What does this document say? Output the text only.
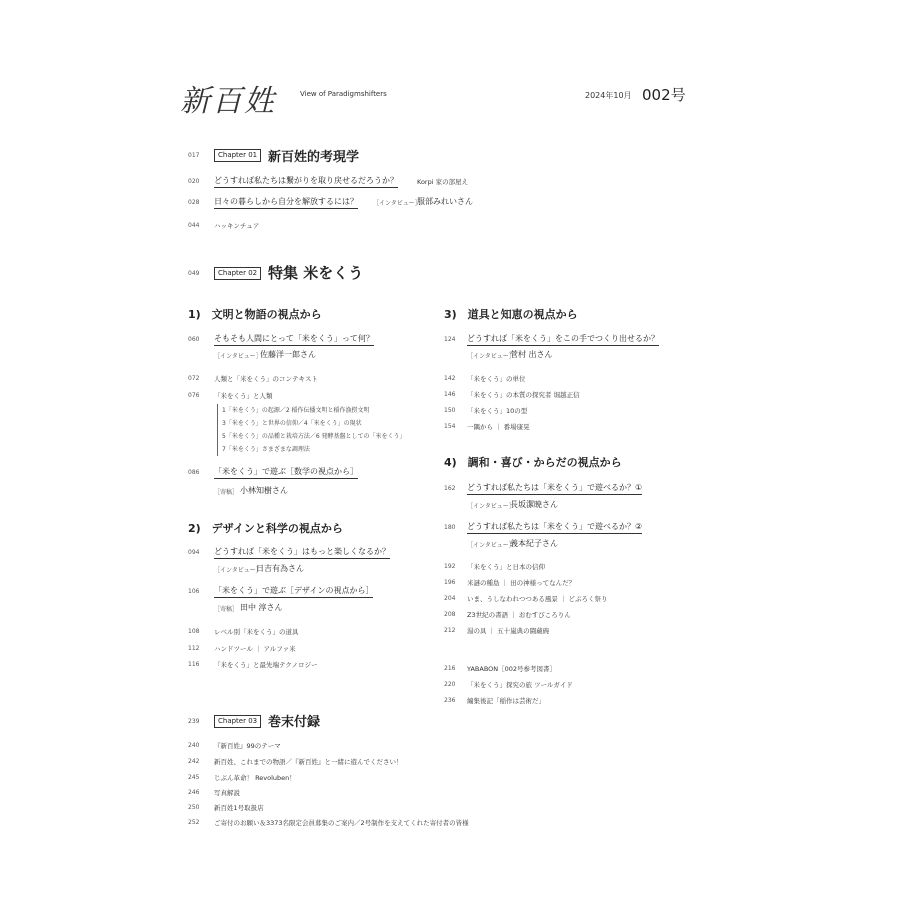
新百姓	View of Paradigmshifters	2024年10月 002号
017	Chapter 01 新百姓的考現学
020 どうすれば私たちは繋がりを取り戻せるだろうか？	Korpi 家の部屋え
028 日々の暮らしから自分を解放するには？	［インタビュー］
服部みれいさん
044 ハッキンチュア
049	Chapter 02 特集 米をくう
1)　文明と物語の視点から
060 そもそも人間にとって「米をくう」って何？
［インタビュー］
佐藤洋一郎さん
072 人類と「米をくう」のコンテキスト
076 「米をくう」と人類
1「米をくう」の起源／2 稲作伝播文明と稲作漁撈文明
3「米をくう」と世界の信仰／4「米をくう」の現状
5「米をくう」の品種と栽培方法／6 発酵基盤としての「米をくう」
7「米をくう」さまざまな調理法
086 「米をくう」で遊ぶ［数学の視点から］
［寄稿］ 小林知樹さん
2)　デザインと科学の視点から
094 どうすれば「米をくう」はもっと楽しくなるか？
［インタビュー］
日吉有為さん
106 「米をくう」で遊ぶ［デザインの視点から］
［寄稿］ 田中 淳さん
108 レベル別「米をくう」の道具
112 ハンドツール ｜ アルファ米
116 「米をくう」と最先端テクノロジー
3)　道具と知恵の視点から
124 どうすれば「米をくう」をこの手でつくり出せるか？
［インタビュー］
菅村 出さん
142 「米をくう」の単位
146 「米をくう」の本質の探究者 堀越正信
150 「米をくう」10の型
154 一隅から ｜ 番場康晃
4)　調和・喜び・からだの視点から
162 どうすれば私たちは「米をくう」で遊べるか？①
［インタビュー］
長坂潔暁さん
180 どうすれば私たちは「米をくう」で遊べるか？②
［インタビュー］
義本紀子さん
192 「米をくう」と日本の信仰
196 米謎の種島 ｜ 田の神様ってなんだ？
204 いま、うしなわれつつある風景 ｜ どぶろく祭り
208 Z3世紀の書語 ｜ おむすびころりん
212 湯の具 ｜ 五十嵐典の闘蔵碗
216 YABABON［002号参考図書］
220 「米をくう」探究の旅 ツールガイド
236 編集後記「稲作は芸術だ」
239	Chapter 03 巻末付録
240 『新百姓』99のテーマ
242 新百姓、これまでの物語／『新百姓』と一緒に遊んでください！
245 じぶん革命！ Revoluben！
246 写真解説
250 新百姓1号取扱店
252 ご寄付のお願い＆3373名限定会員募集のご案内／2号制作を支えてくれた寄付者の皆様
